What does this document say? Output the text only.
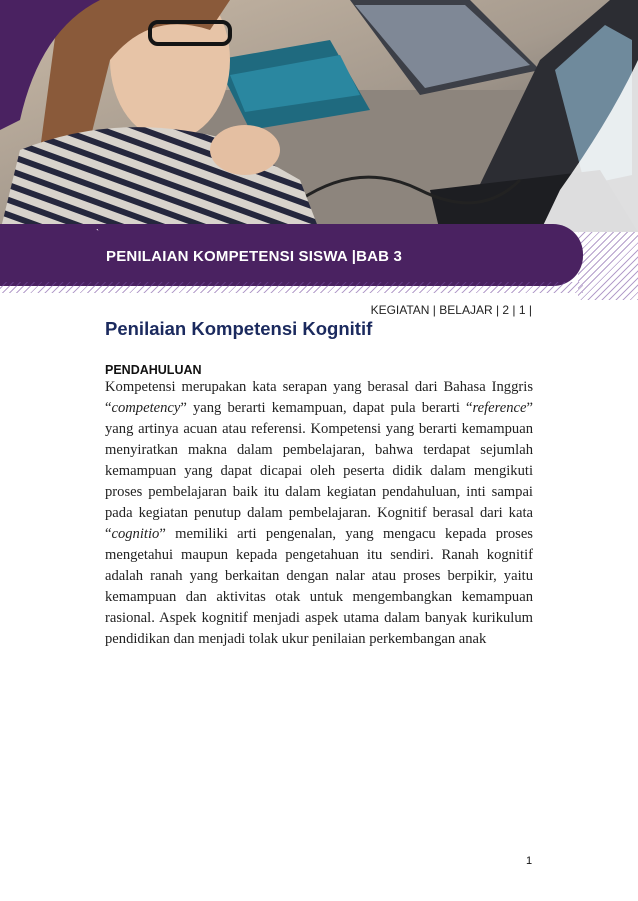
`
PENILAIAN KOMPETENSI SISWA |BAB 3
KEGIATAN | BELAJAR | 2 | 1 |
Penilaian Kompetensi Kognitif
PENDAHULUAN

Kompetensi merupakan kata serapan yang berasal dari Bahasa Inggris “competency” yang berarti kemampuan, dapat pula berarti “reference” yang artinya acuan atau referensi. Kompetensi yang berarti kemampuan menyiratkan makna dalam pembelajaran, bahwa terdapat sejumlah kemampuan yang dapat dicapai oleh peserta didik dalam mengikuti proses pembelajaran baik itu dalam kegiatan pendahuluan, inti sampai pada kegiatan penutup dalam pembelajaran. Kognitif berasal dari kata “cognitio” memiliki arti pengenalan, yang mengacu kepada proses mengetahui maupun kepada pengetahuan itu sendiri. Ranah kognitif adalah ranah yang berkaitan dengan nalar atau proses berpikir, yaitu kemampuan dan aktivitas otak untuk mengembangkan kemampuan rasional. Aspek kognitif menjadi aspek utama dalam banyak kurikulum pendidikan dan menjadi tolak ukur penilaian perkembangan anak

1
